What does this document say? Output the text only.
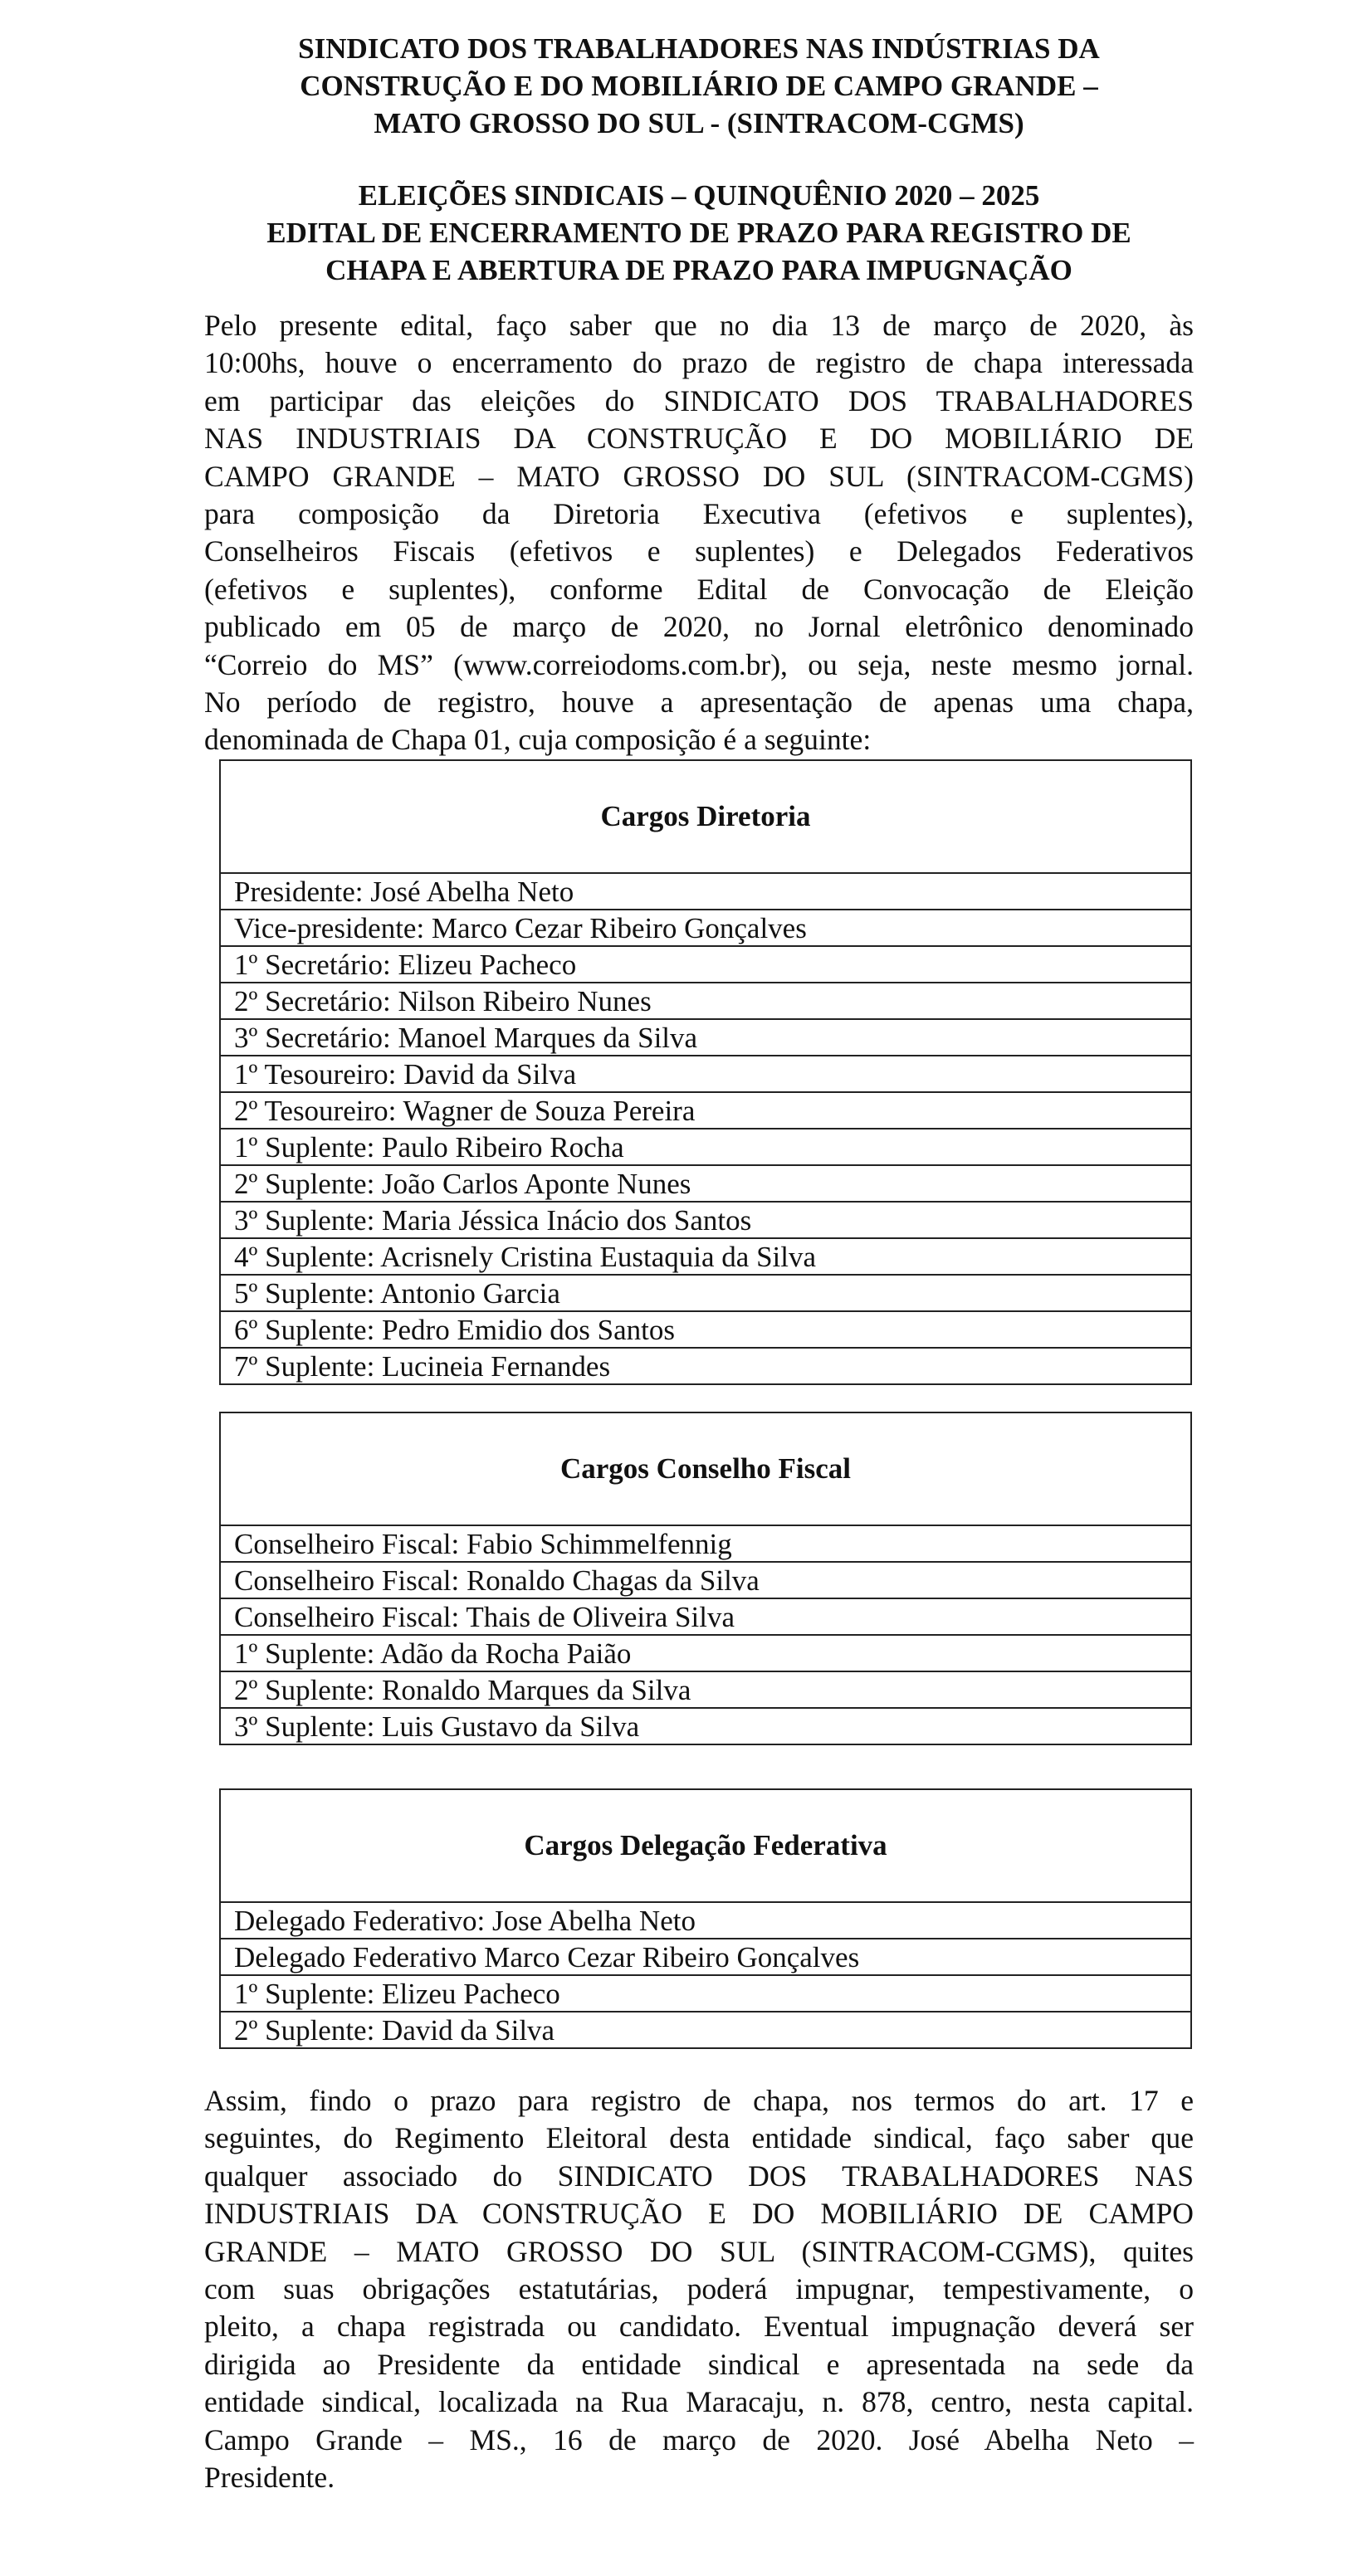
SINDICATO DOS TRABALHADORES NAS INDÚSTRIAS DA
CONSTRUÇÃO E DO MOBILIÁRIO DE CAMPO GRANDE –
MATO GROSSO DO SUL - (SINTRACOM-CGMS)
ELEIÇÕES SINDICAIS – QUINQUÊNIO 2020 – 2025
EDITAL DE ENCERRAMENTO DE PRAZO PARA REGISTRO DE
CHAPA E ABERTURA DE PRAZO PARA IMPUGNAÇÃO
Pelo presente edital, faço saber que no dia 13 de março de 2020, às
10:00hs, houve o encerramento do prazo de registro de chapa interessada
em participar das eleições do SINDICATO DOS TRABALHADORES
NAS INDUSTRIAIS DA CONSTRUÇÃO E DO MOBILIÁRIO DE
CAMPO GRANDE – MATO GROSSO DO SUL (SINTRACOM-CGMS)
para composição da Diretoria Executiva (efetivos e suplentes),
Conselheiros Fiscais (efetivos e suplentes) e Delegados Federativos
(efetivos e suplentes), conforme Edital de Convocação de Eleição
publicado em 05 de março de 2020, no Jornal eletrônico denominado
“Correio do MS” (www.correiodoms.com.br), ou seja, neste mesmo jornal.
No período de registro, houve a apresentação de apenas uma chapa,
denominada de Chapa 01, cuja composição é a seguinte:
Cargos Diretoria
Presidente: José Abelha Neto
Vice-presidente: Marco Cezar Ribeiro Gonçalves
1º Secretário: Elizeu Pacheco
2º Secretário: Nilson Ribeiro Nunes
3º Secretário: Manoel Marques da Silva
1º Tesoureiro: David da Silva
2º Tesoureiro: Wagner de Souza Pereira
1º Suplente: Paulo Ribeiro Rocha
2º Suplente: João Carlos Aponte Nunes
3º Suplente: Maria Jéssica Inácio dos Santos
4º Suplente: Acrisnely Cristina Eustaquia da Silva
5º Suplente: Antonio Garcia
6º Suplente: Pedro Emidio dos Santos
7º Suplente: Lucineia Fernandes
Cargos Conselho Fiscal
Conselheiro Fiscal: Fabio Schimmelfennig
Conselheiro Fiscal: Ronaldo Chagas da Silva
Conselheiro Fiscal: Thais de Oliveira Silva
1º Suplente: Adão da Rocha Paião
2º Suplente: Ronaldo Marques da Silva
3º Suplente: Luis Gustavo da Silva
Cargos Delegação Federativa
Delegado Federativo: Jose Abelha Neto
Delegado Federativo Marco Cezar Ribeiro Gonçalves
1º Suplente: Elizeu Pacheco
2º Suplente: David da Silva
Assim, findo o prazo para registro de chapa, nos termos do art. 17 e
seguintes, do Regimento Eleitoral desta entidade sindical, faço saber que
qualquer associado do SINDICATO DOS TRABALHADORES NAS
INDUSTRIAIS DA CONSTRUÇÃO E DO MOBILIÁRIO DE CAMPO
GRANDE – MATO GROSSO DO SUL (SINTRACOM-CGMS), quites
com suas obrigações estatutárias, poderá impugnar, tempestivamente, o
pleito, a chapa registrada ou candidato. Eventual impugnação deverá ser
dirigida ao Presidente da entidade sindical e apresentada na sede da
entidade sindical, localizada na Rua Maracaju, n. 878, centro, nesta capital.
Campo Grande – MS., 16 de março de 2020. José Abelha Neto –
Presidente.
